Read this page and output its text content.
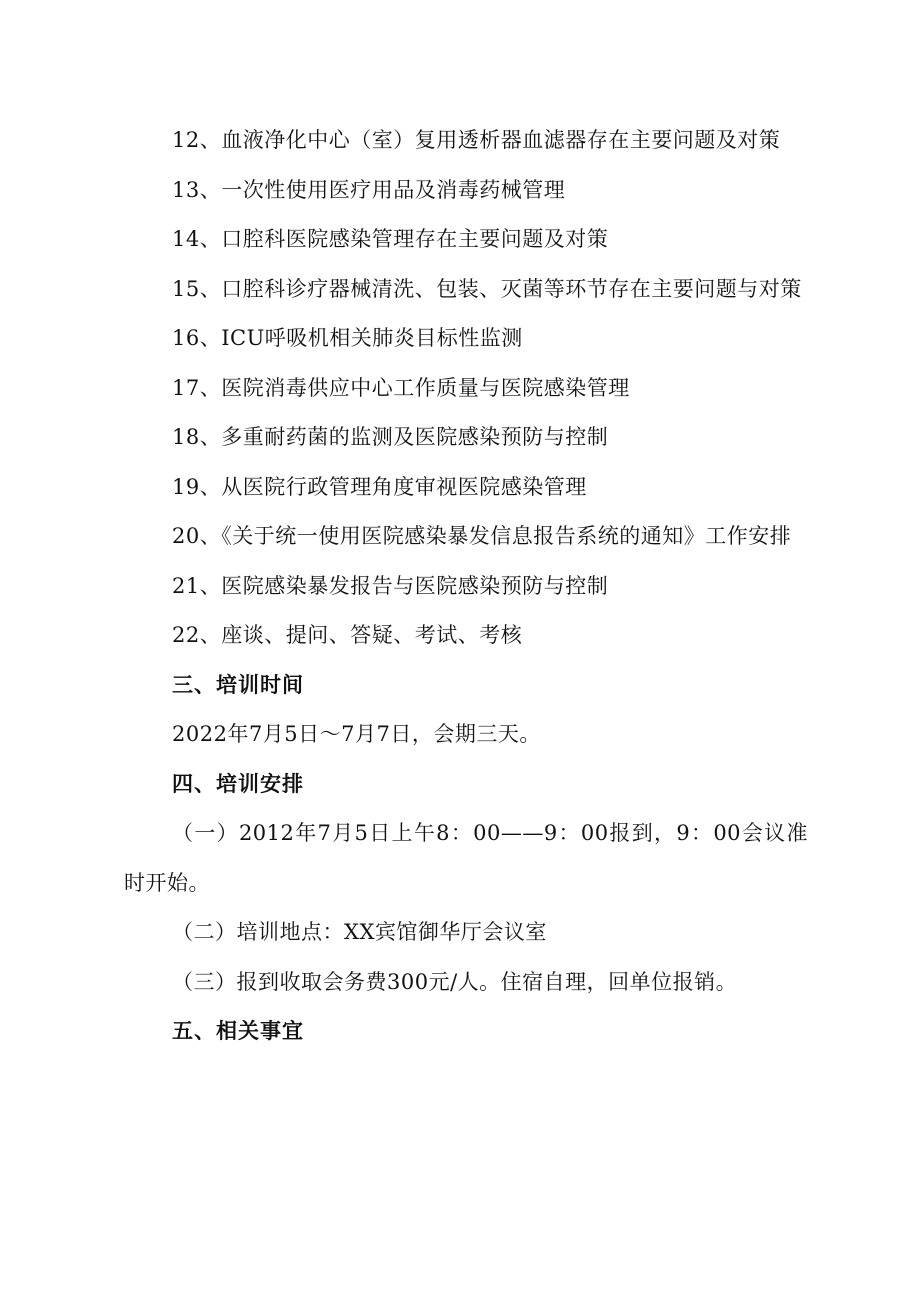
12、血液净化中心（室）复用透析器血滤器存在主要问题及对策

13、一次性使用医疗用品及消毒药械管理

14、口腔科医院感染管理存在主要问题及对策

15、口腔科诊疗器械清洗、包装、灭菌等环节存在主要问题与对策

16、ICU呼吸机相关肺炎目标性监测

17、医院消毒供应中心工作质量与医院感染管理

18、多重耐药菌的监测及医院感染预防与控制

19、从医院行政管理角度审视医院感染管理

20、《关于统一使用医院感染暴发信息报告系统的通知》工作安排

21、医院感染暴发报告与医院感染预防与控制

22、座谈、提问、答疑、考试、考核

三、培训时间

2022年7月5日～7月7日，会期三天。

四、培训安排

（一）2012年7月5日上午8：00——9：00报到，9：00会议准时开始。

（二）培训地点：XX宾馆御华厅会议室

（三）报到收取会务费300元/人。住宿自理，回单位报销。

五、相关事宜
